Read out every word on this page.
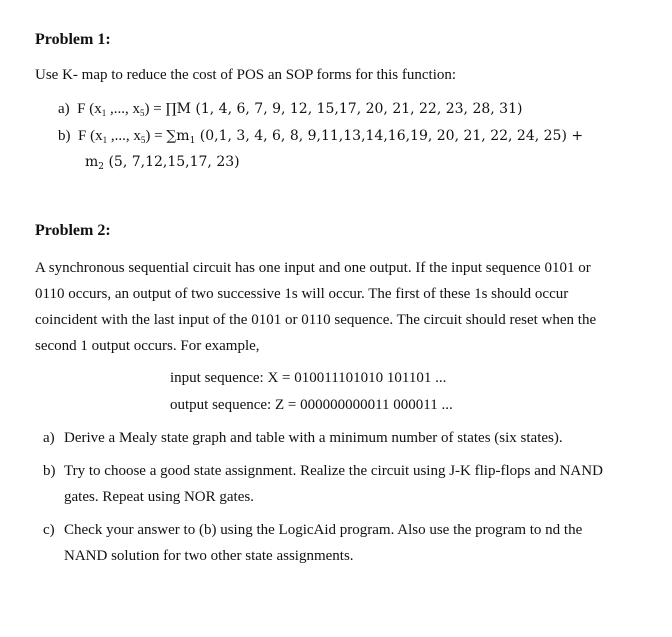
Problem 1:
Use K- map to reduce the cost of POS an SOP forms for this function:
a) F ($x_1$ ,..., $x_5$) = ∏M (1, 4, 6, 7, 9, 12, 15,17, 20, 21, 22, 23, 28, 31)
b) F ($x_1$ ,..., $x_5) = \sum m_1$ (0,1, 3, 4, 6, 8, 9,11,13,14,16,19, 20, 21, 22, 24, 25) +
$m_2$ (5, 7,12,15,17, 23)
Problem 2:
A synchronous sequential circuit has one input and one output. If the input sequence 0101 or
0110 occurs, an output of two successive 1s will occur. The first of these 1s should occur
coincident with the last input of the 0101 or 0110 sequence. The circuit should reset when the
second 1 output occurs. For example,
input sequence: X = 010011101010 101101 ...
output sequence: Z = 000000000011 000011 ...
a) Derive a Mealy state graph and table with a minimum number of states (six states).
b) Try to choose a good state assignment. Realize the circuit using J-K flip-flops and NAND
gates. Repeat using NOR gates.
c) Check your answer to (b) using the LogicAid program. Also use the program to nd the
NAND solution for two other state assignments.
